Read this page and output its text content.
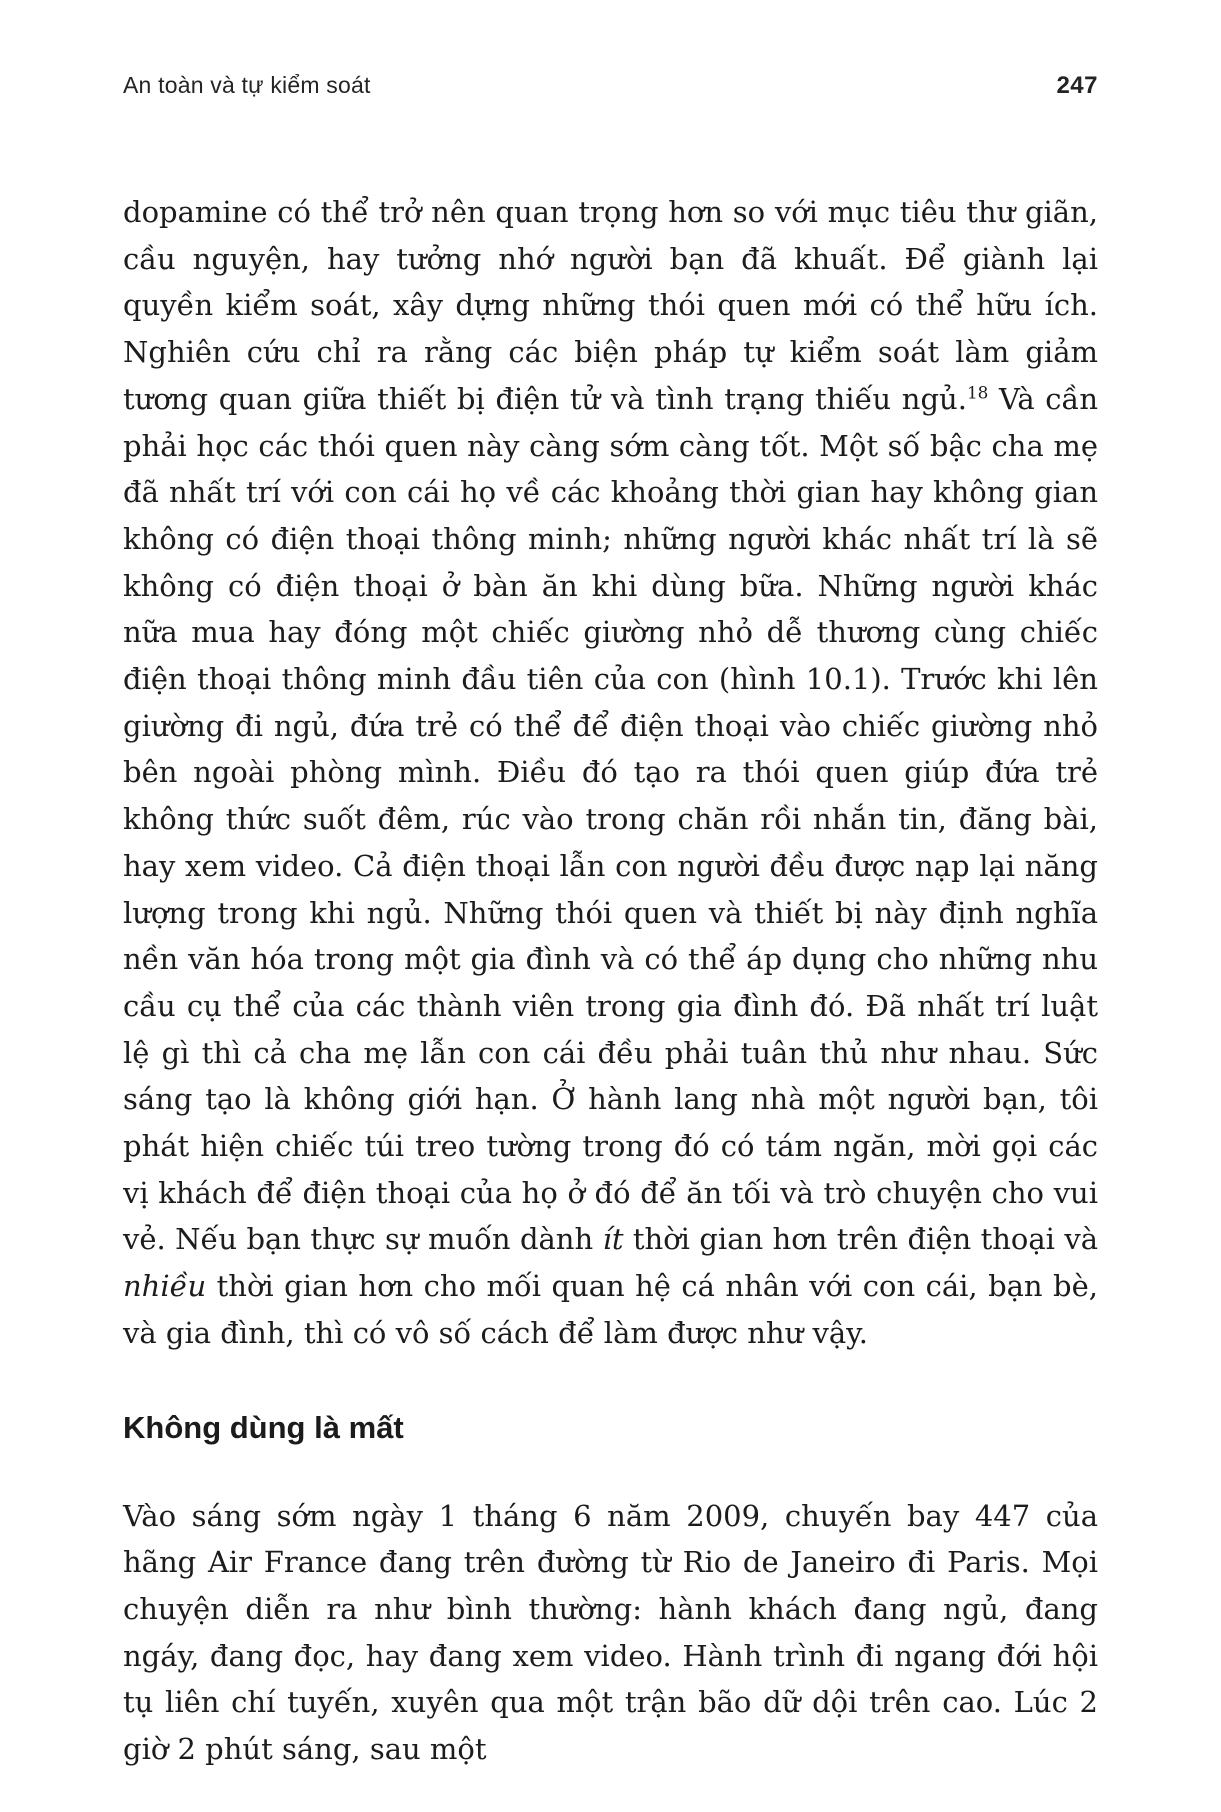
An toàn và tự kiểm soát	247

dopamine có thể trở nên quan trọng hơn so với mục tiêu thư giãn, cầu nguyện, hay tưởng nhớ người bạn đã khuất. Để giành lại quyền kiểm soát, xây dựng những thói quen mới có thể hữu ích. Nghiên cứu chỉ ra rằng các biện pháp tự kiểm soát làm giảm tương quan giữa thiết bị điện tử và tình trạng thiếu ngủ.$^{18}$ Và cần phải học các thói quen này càng sớm càng tốt. Một số bậc cha mẹ đã nhất trí với con cái họ về các khoảng thời gian hay không gian không có điện thoại thông minh; những người khác nhất trí là sẽ không có điện thoại ở bàn ăn khi dùng bữa. Những người khác nữa mua hay đóng một chiếc giường nhỏ dễ thương cùng chiếc điện thoại thông minh đầu tiên của con (hình 10.1). Trước khi lên giường đi ngủ, đứa trẻ có thể để điện thoại vào chiếc giường nhỏ bên ngoài phòng mình. Điều đó tạo ra thói quen giúp đứa trẻ không thức suốt đêm, rúc vào trong chăn rồi nhắn tin, đăng bài, hay xem video. Cả điện thoại lẫn con người đều được nạp lại năng lượng trong khi ngủ. Những thói quen và thiết bị này định nghĩa nền văn hóa trong một gia đình và có thể áp dụng cho những nhu cầu cụ thể của các thành viên trong gia đình đó. Đã nhất trí luật lệ gì thì cả cha mẹ lẫn con cái đều phải tuân thủ như nhau. Sức sáng tạo là không giới hạn. Ở hành lang nhà một người bạn, tôi phát hiện chiếc túi treo tường trong đó có tám ngăn, mời gọi các vị khách để điện thoại của họ ở đó để ăn tối và trò chuyện cho vui vẻ. Nếu bạn thực sự muốn dành ít thời gian hơn trên điện thoại và nhiều thời gian hơn cho mối quan hệ cá nhân với con cái, bạn bè, và gia đình, thì có vô số cách để làm được như vậy.

Không dùng là mất

Vào sáng sớm ngày 1 tháng 6 năm 2009, chuyến bay 447 của hãng Air France đang trên đường từ Rio de Janeiro đi Paris. Mọi chuyện diễn ra như bình thường: hành khách đang ngủ, đang ngáy, đang đọc, hay đang xem video. Hành trình đi ngang đới hội tụ liên chí tuyến, xuyên qua một trận bão dữ dội trên cao. Lúc 2 giờ 2 phút sáng, sau một
